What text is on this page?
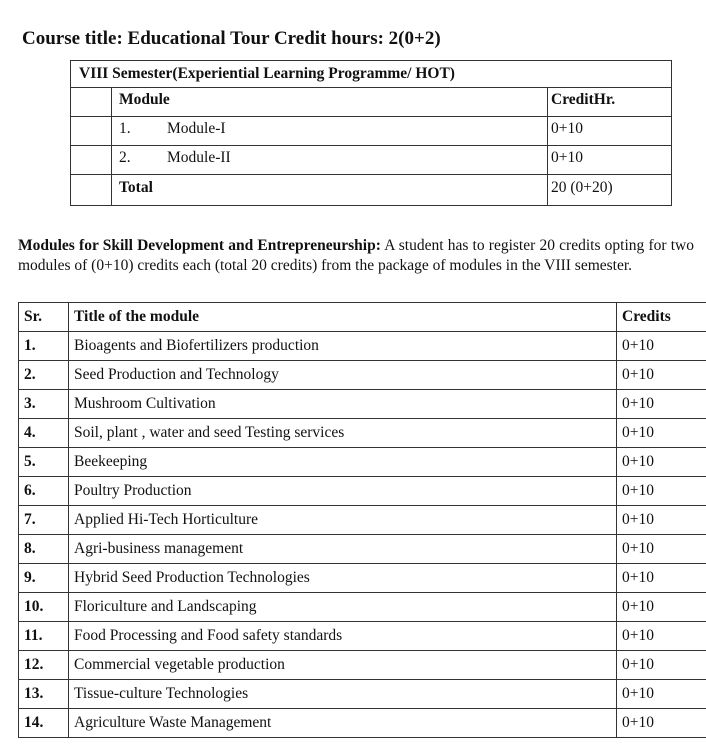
Course title: Educational Tour Credit hours: 2(0+2)
VIII Semester(Experiential Learning Programme/ HOT)
Module	CreditHr.
1. Module-I	0+10
2. Module-II	0+10
Total	20 (0+20)
Modules for Skill Development and Entrepreneurship: A student has to register 20 credits opting for two modules of (0+10) credits each (total 20 credits) from the package of modules in the VIII semester.
Sr.	Title of the module	Credits
1.	Bioagents and Biofertilizers production	0+10
2.	Seed Production and Technology	0+10
3.	Mushroom Cultivation	0+10
4.	Soil, plant , water and seed Testing services	0+10
5.	Beekeeping	0+10
6.	Poultry Production	0+10
7.	Applied Hi-Tech Horticulture	0+10
8.	Agri-business management	0+10
9.	Hybrid Seed Production Technologies	0+10
10.	Floriculture and Landscaping	0+10
11.	Food Processing and Food safety standards	0+10
12.	Commercial vegetable production	0+10
13.	Tissue-culture Technologies	0+10
14.	Agriculture Waste Management	0+10
